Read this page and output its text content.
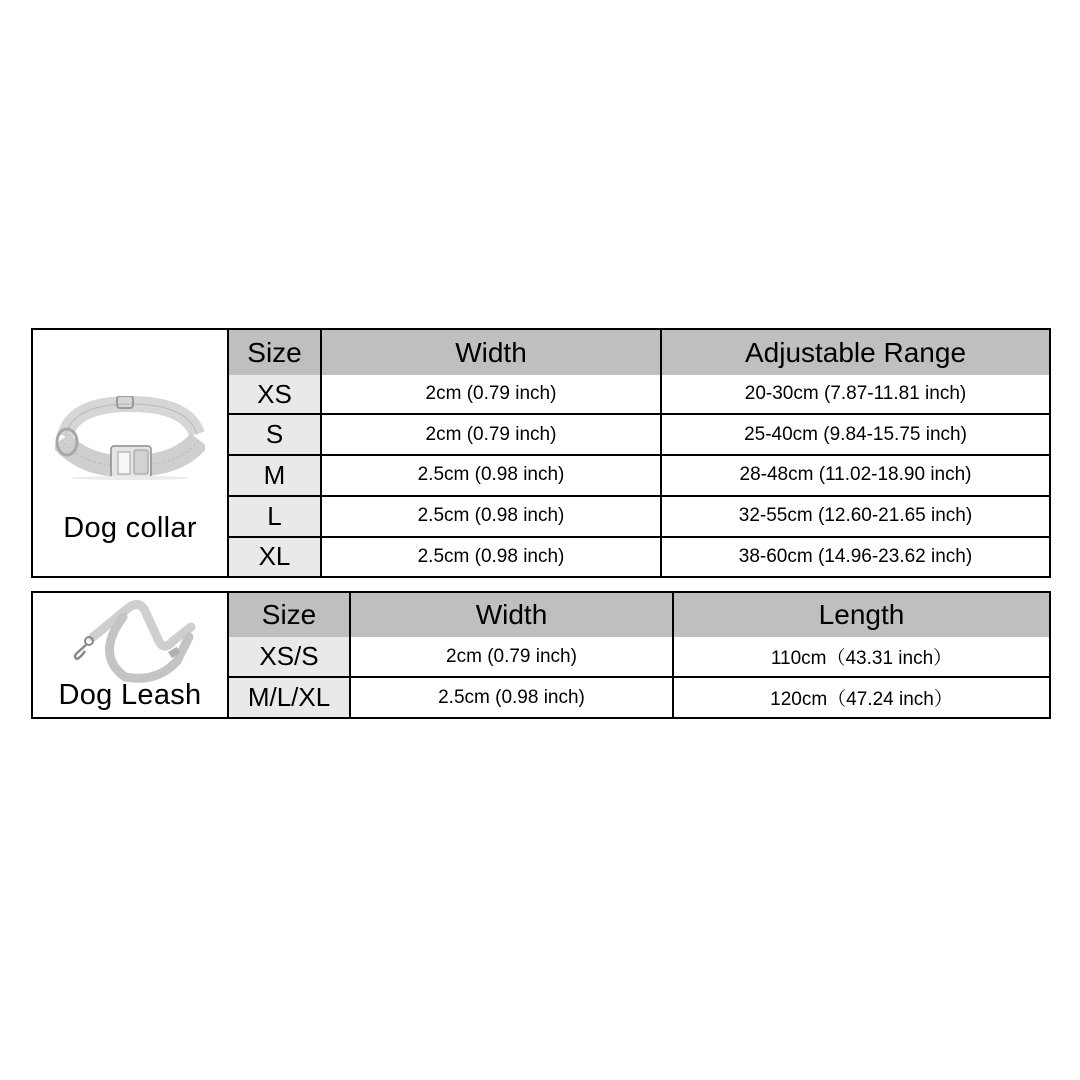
Dog collar
Size	Width	Adjustable Range
XS	2cm (0.79 inch)	20-30cm (7.87-11.81 inch)
S	2cm (0.79 inch)	25-40cm (9.84-15.75 inch)
M	2.5cm (0.98 inch)	28-48cm (11.02-18.90 inch)
L	2.5cm (0.98 inch)	32-55cm (12.60-21.65 inch)
XL	2.5cm (0.98 inch)	38-60cm (14.96-23.62 inch)
Dog Leash
Size	Width	Length
XS/S	2cm (0.79 inch)	110cm（43.31 inch）
M/L/XL	2.5cm (0.98 inch)	120cm（47.24 inch）
